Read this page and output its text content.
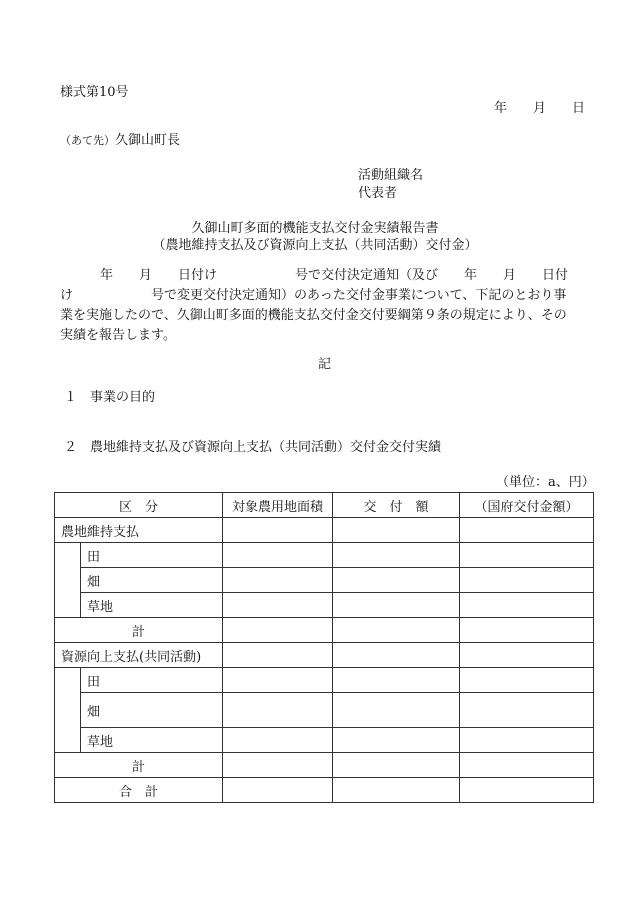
様式第10号
年　　月　　日
（あて先）久御山町長
活動組織名
代表者
久御山町多面的機能支払交付金実績報告書
（農地維持支払及び資源向上支払（共同活動）交付金）
年　　月　　日付け　　　　　　号で交付決定通知（及び　　年　　月　　日付
け　　　　　　号で変更交付決定通知）のあった交付金事業について、下記のとおり事
業を実施したので、久御山町多面的機能支払交付金交付要綱第９条の規定により、その
実績を報告します。
記
１　事業の目的
２　農地維持支払及び資源向上支払（共同活動）交付金交付実績
（単位：a、円）
区　分		対象農用地面積	交　付　額	（国府交付金額）
農地維持支払				
	田			
	畑			
	草地			
計				
資源向上支払(共同活動)				
	田			
	畑			
	草地			
計				
合　計				
